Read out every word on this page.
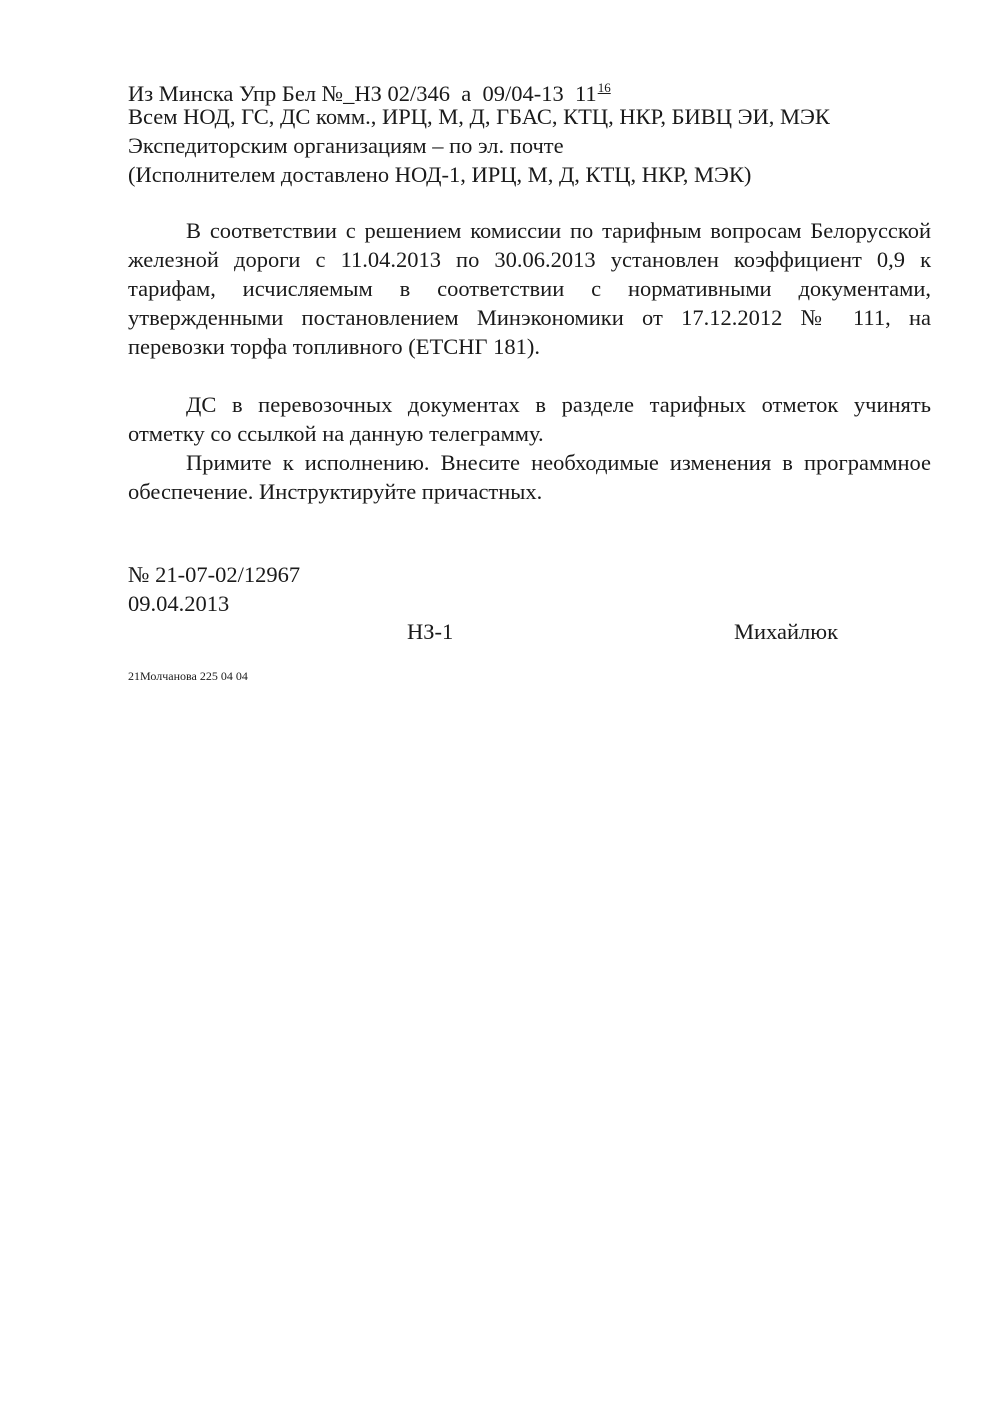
Из Минска Упр Бел №_НЗ 02/346  а  09/04-13  $11^{16}$
Всем НОД, ГС, ДС комм., ИРЦ, М, Д, ГБАС, КТЦ, НКР, БИВЦ ЭИ, МЭК
Экспедиторским организациям – по эл. почте
(Исполнителем доставлено НОД-1, ИРЦ, М, Д, КТЦ, НКР, МЭК)
В соответствии с решением комиссии по тарифным вопросам Белорусской железной дороги с 11.04.2013 по 30.06.2013 установлен коэффициент 0,9 к тарифам, исчисляемым в соответствии с нормативными документами, утвержденными постановлением Минэкономики от 17.12.2012 № 111, на перевозки торфа топливного (ЕТСНГ 181).
ДС в перевозочных документах в разделе тарифных отметок учинять отметку со ссылкой на данную телеграмму.
Примите к исполнению. Внесите необходимые изменения в программное обеспечение. Инструктируйте причастных.
№ 21-07-02/12967
09.04.2013
НЗ-1	Михайлюк
21Молчанова 225 04 04
